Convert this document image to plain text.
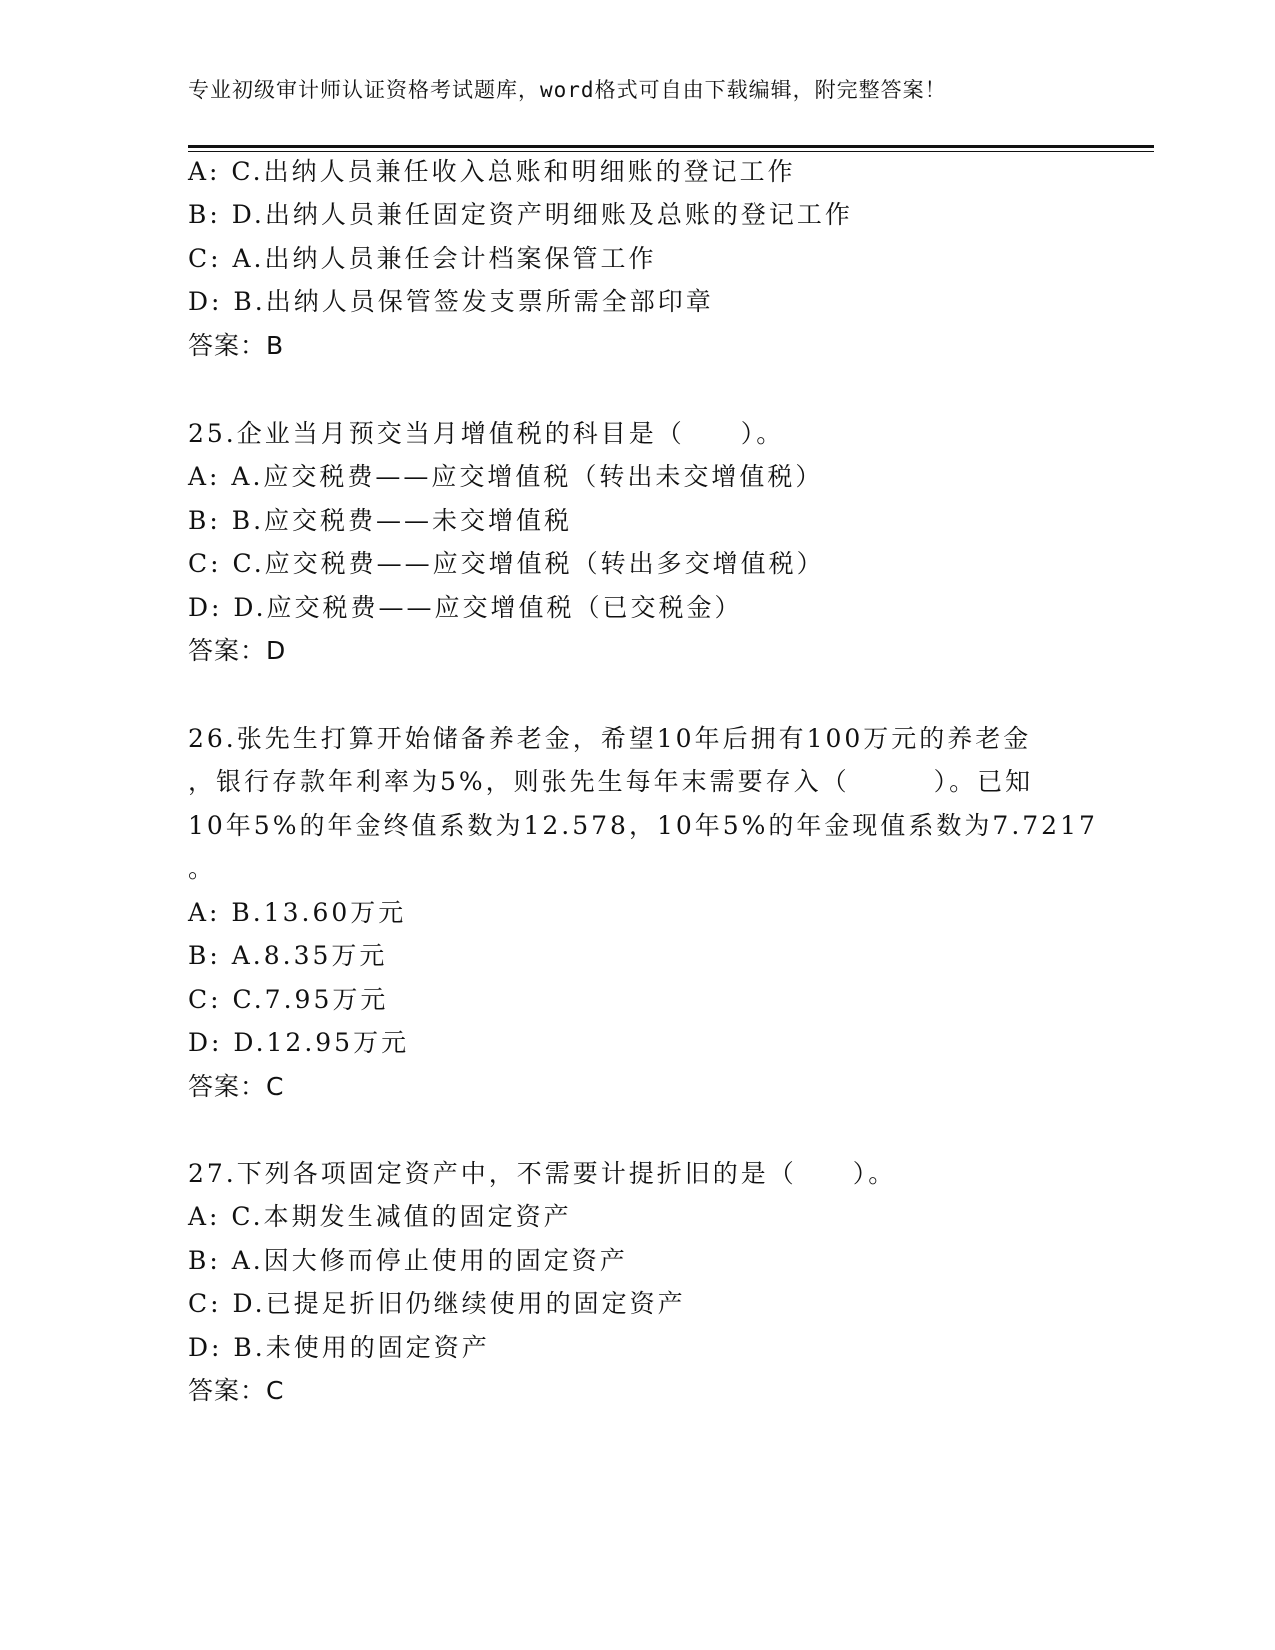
专业初级审计师认证资格考试题库，word格式可自由下载编辑，附完整答案！
A: C.出纳人员兼任收入总账和明细账的登记工作
B: D.出纳人员兼任固定资产明细账及总账的登记工作
C: A.出纳人员兼任会计档案保管工作
D: B.出纳人员保管签发支票所需全部印章
答案：B
25.企业当月预交当月增值税的科目是（　　）。
A: A.应交税费——应交增值税（转出未交增值税）
B: B.应交税费——未交增值税
C: C.应交税费——应交增值税（转出多交增值税）
D: D.应交税费——应交增值税（已交税金）
答案：D
26.张先生打算开始储备养老金，希望10年后拥有100万元的养老金
，银行存款年利率为5%，则张先生每年末需要存入（　　　）。已知
10年5%的年金终值系数为12.578，10年5%的年金现值系数为7.7217
。
A: B.13.60万元
B: A.8.35万元
C: C.7.95万元
D: D.12.95万元
答案：C
27.下列各项固定资产中，不需要计提折旧的是（　　）。
A: C.本期发生减值的固定资产
B: A.因大修而停止使用的固定资产
C: D.已提足折旧仍继续使用的固定资产
D: B.未使用的固定资产
答案：C
